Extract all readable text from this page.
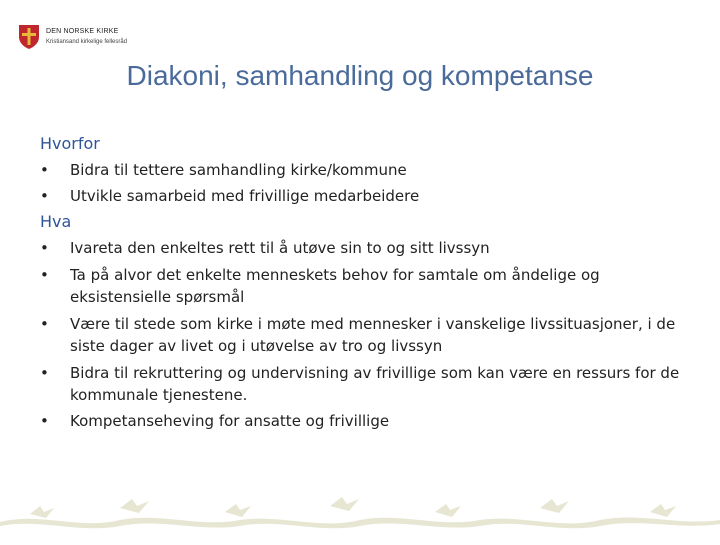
DEN NORSKE KIRKE
Kristiansand kirkelige fellesråd
Diakoni, samhandling og kompetanse
Hvorfor
• Bidra til tettere samhandling kirke/kommune
• Utvikle samarbeid med frivillige medarbeidere
Hva
• Ivareta den enkeltes rett til å utøve sin to og sitt livssyn
• Ta på alvor det enkelte menneskets behov for samtale om åndelige og eksistensielle spørsmål
• Være til stede som kirke i møte med mennesker i vanskelige livssituasjoner, i de siste dager av livet og i utøvelse av tro og livssyn
• Bidra til rekruttering og undervisning av frivillige som kan være en ressurs for de kommunale tjenestene.
• Kompetanseheving for ansatte og frivillige
